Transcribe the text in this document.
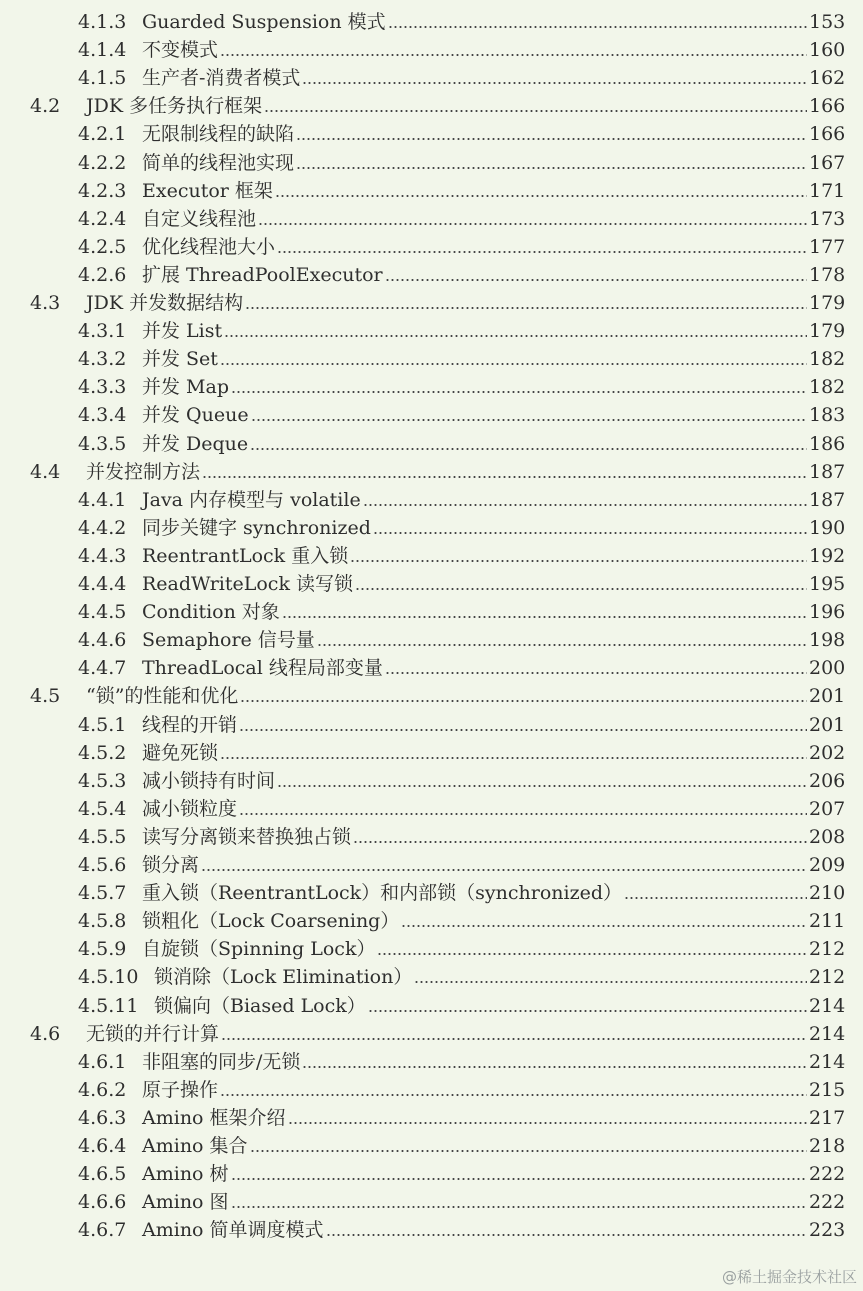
4.1.3 Guarded Suspension 模式	153
4.1.4 不变模式	160
4.1.5 生产者-消费者模式	162
4.2 JDK 多任务执行框架	166
4.2.1 无限制线程的缺陷	166
4.2.2 简单的线程池实现	167
4.2.3 Executor 框架	171
4.2.4 自定义线程池	173
4.2.5 优化线程池大小	177
4.2.6 扩展 ThreadPoolExecutor	178
4.3 JDK 并发数据结构	179
4.3.1 并发 List	179
4.3.2 并发 Set	182
4.3.3 并发 Map	182
4.3.4 并发 Queue	183
4.3.5 并发 Deque	186
4.4 并发控制方法	187
4.4.1 Java 内存模型与 volatile	187
4.4.2 同步关键字 synchronized	190
4.4.3 ReentrantLock 重入锁	192
4.4.4 ReadWriteLock 读写锁	195
4.4.5 Condition 对象	196
4.4.6 Semaphore 信号量	198
4.4.7 ThreadLocal 线程局部变量	200
4.5 “锁”的性能和优化	201
4.5.1 线程的开销	201
4.5.2 避免死锁	202
4.5.3 减小锁持有时间	206
4.5.4 减小锁粒度	207
4.5.5 读写分离锁来替换独占锁	208
4.5.6 锁分离	209
4.5.7 重入锁（ReentrantLock）和内部锁（synchronized）	210
4.5.8 锁粗化（Lock Coarsening）	211
4.5.9 自旋锁（Spinning Lock）	212
4.5.10 锁消除（Lock Elimination）	212
4.5.11 锁偏向（Biased Lock）	214
4.6 无锁的并行计算	214
4.6.1 非阻塞的同步/无锁	214
4.6.2 原子操作	215
4.6.3 Amino 框架介绍	217
4.6.4 Amino 集合	218
4.6.5 Amino 树	222
4.6.6 Amino 图	222
4.6.7 Amino 简单调度模式	223
@稀土掘金技术社区
